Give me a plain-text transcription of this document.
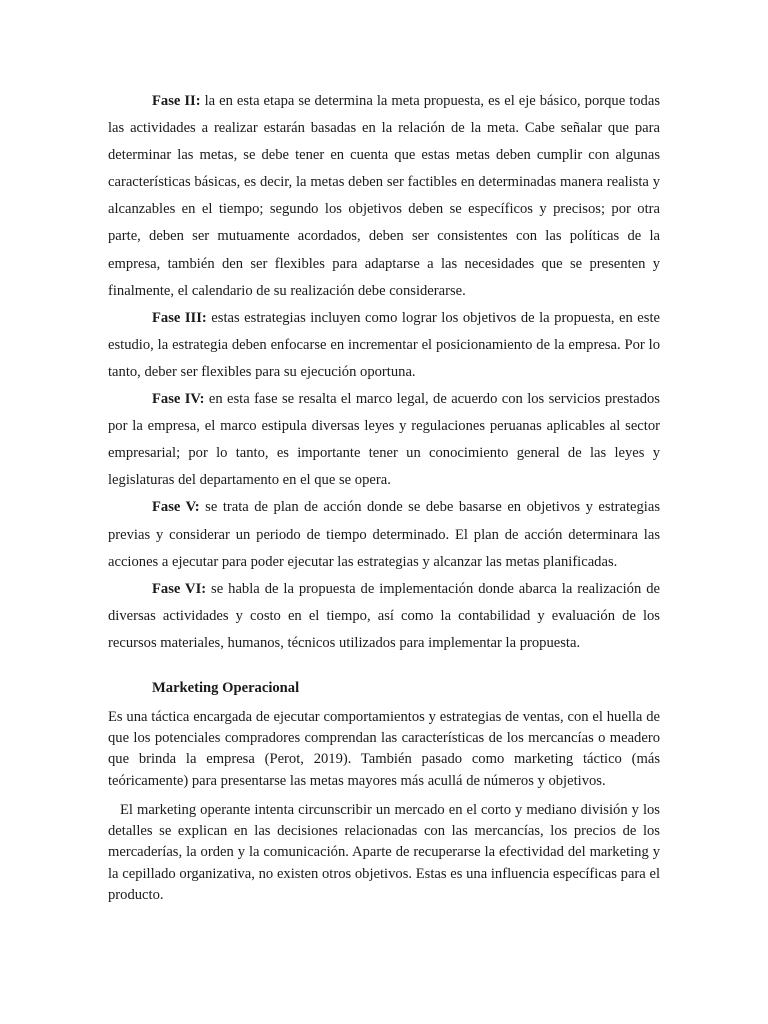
Fase II: la en esta etapa se determina la meta propuesta, es el eje básico, porque todas las actividades a realizar estarán basadas en la relación de la meta. Cabe señalar que para determinar las metas, se debe tener en cuenta que estas metas deben cumplir con algunas características básicas, es decir, la metas deben ser factibles en determinadas manera realista y alcanzables en el tiempo; segundo los objetivos deben se específicos y precisos; por otra parte, deben ser mutuamente acordados, deben ser consistentes con las políticas de la empresa, también den ser flexibles para adaptarse a las necesidades que se presenten y finalmente, el calendario de su realización debe considerarse.

Fase III: estas estrategias incluyen como lograr los objetivos de la propuesta, en este estudio, la estrategia deben enfocarse en incrementar el posicionamiento de la empresa. Por lo tanto, deber ser flexibles para su ejecución oportuna.

Fase IV: en esta fase se resalta el marco legal, de acuerdo con los servicios prestados por la empresa, el marco estipula diversas leyes y regulaciones peruanas aplicables al sector empresarial; por lo tanto, es importante tener un conocimiento general de las leyes y legislaturas del departamento en el que se opera.

Fase V: se trata de plan de acción donde se debe basarse en objetivos y estrategias previas y considerar un periodo de tiempo determinado. El plan de acción determinara las acciones a ejecutar para poder ejecutar las estrategias y alcanzar las metas planificadas.

Fase VI: se habla de la propuesta de implementación donde abarca la realización de diversas actividades y costo en el tiempo, así como la contabilidad y evaluación de los recursos materiales, humanos, técnicos utilizados para implementar la propuesta.

Marketing Operacional

Es una táctica encargada de ejecutar comportamientos y estrategias de ventas, con el huella de que los potenciales compradores comprendan las características de los mercancías o meadero que brinda la empresa (Perot, 2019). También pasado como marketing táctico (más teóricamente) para presentarse las metas mayores más acullá de números y objetivos.

El marketing operante intenta circunscribir un mercado en el corto y mediano división y los detalles se explican en las decisiones relacionadas con las mercancías, los precios de los mercaderías, la orden y la comunicación. Aparte de recuperarse la efectividad del marketing y la cepillado organizativa, no existen otros objetivos. Estas es una influencia específicas para el producto.
